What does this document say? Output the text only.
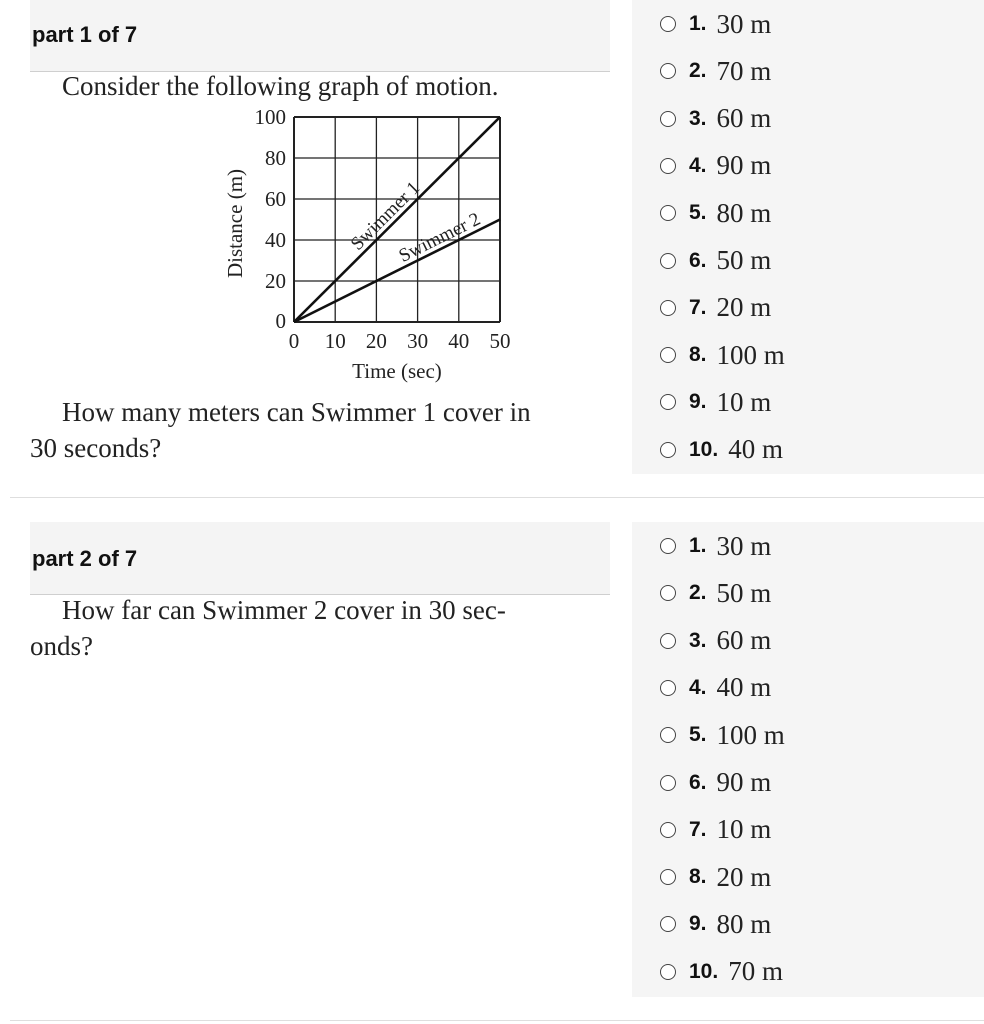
part 1 of 7
Consider the following graph of motion.
0 10 20 30 40 50
0
20
40
60
80
100
Time (sec)
Distance (m)	Swimmer 1
Swimmer 2
How many meters can Swimmer 1 cover in
30 seconds?
1. 30 m
2. 70 m
3. 60 m
4. 90 m
5. 80 m
6. 50 m
7. 20 m
8. 100 m
9. 10 m
10. 40 m
part 2 of 7
How far can Swimmer 2 cover in 30 sec-
onds?
1. 30 m
2. 50 m
3. 60 m
4. 40 m
5. 100 m
6. 90 m
7. 10 m
8. 20 m
9. 80 m
10. 70 m
